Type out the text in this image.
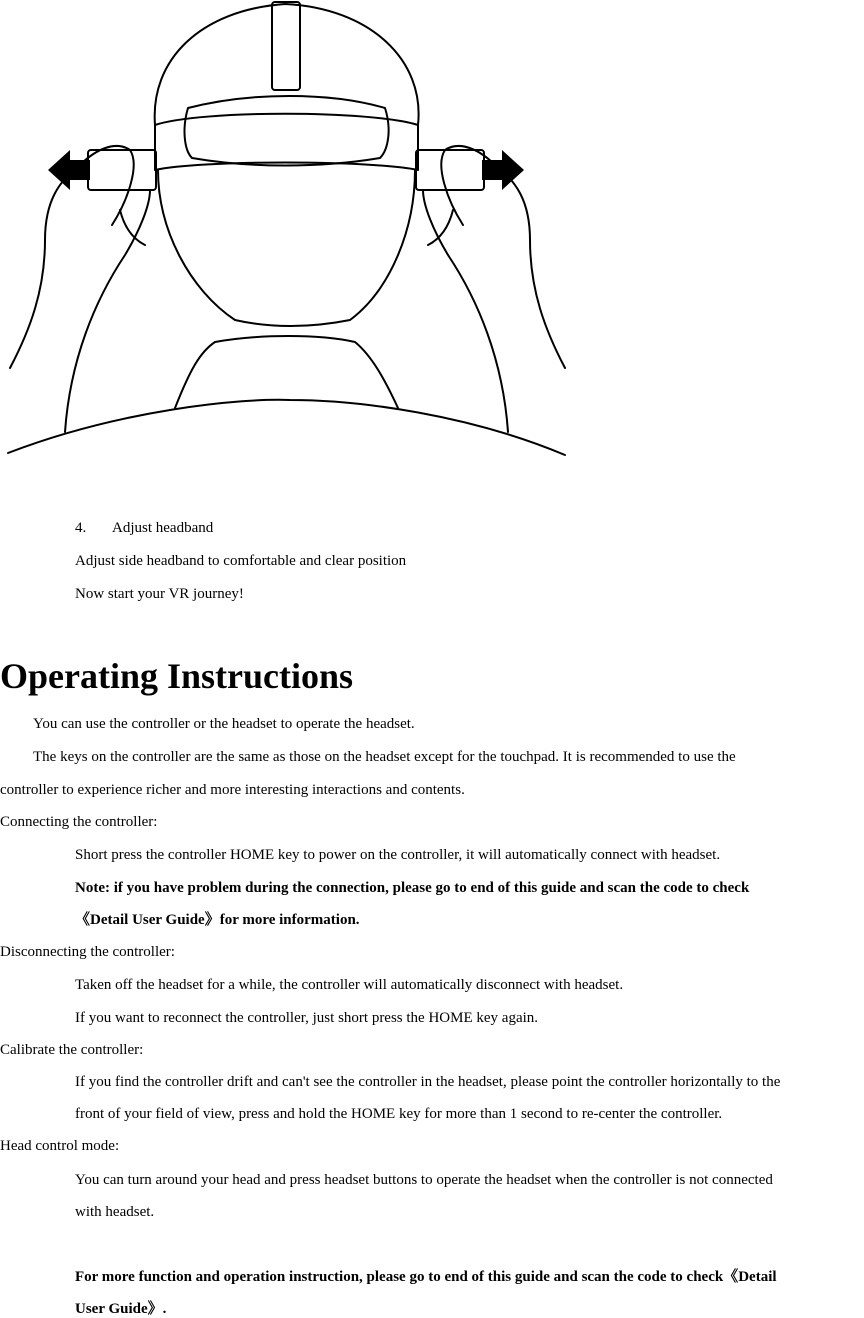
4. Adjust headband
Adjust side headband to comfortable and clear position
Now start your VR journey!
Operating Instructions
You can use the controller or the headset to operate the headset.
The keys on the controller are the same as those on the headset except for the touchpad. It is recommended to use the
controller to experience richer and more interesting interactions and contents.
Connecting the controller:
Short press the controller HOME key to power on the controller, it will automatically connect with headset.
Note: if you have problem during the connection, please go to end of this guide and scan the code to check
《Detail User Guide》for more information.
Disconnecting the controller:
Taken off the headset for a while, the controller will automatically disconnect with headset.
If you want to reconnect the controller, just short press the HOME key again.
Calibrate the controller:
If you find the controller drift and can't see the controller in the headset, please point the controller horizontally to the
front of your field of view, press and hold the HOME key for more than 1 second to re-center the controller.
Head control mode:
You can turn around your head and press headset buttons to operate the headset when the controller is not connected
with headset.
For more function and operation instruction, please go to end of this guide and scan the code to check《Detail
User Guide》.
